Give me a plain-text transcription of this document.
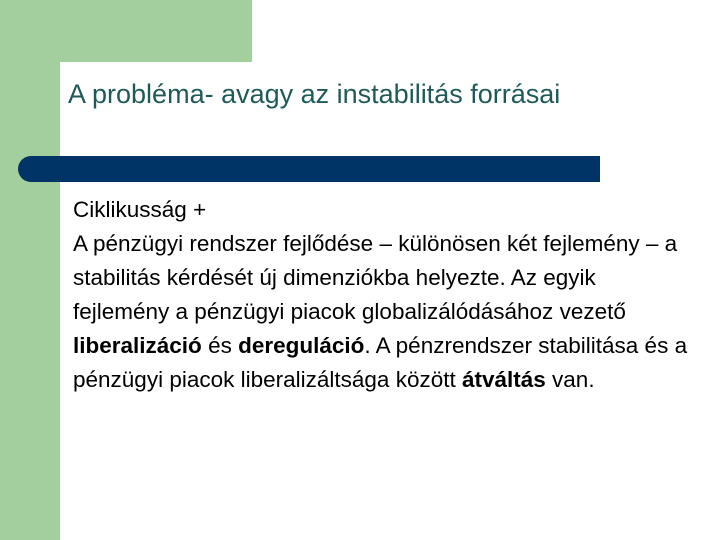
A probléma- avagy az instabilitás forrásai

Ciklikusság +

A pénzügyi rendszer fejlődése – különösen két fejlemény – a stabilitás kérdését új dimenziókba helyezte. Az egyik fejlemény a pénzügyi piacok globalizálódásához vezető liberalizáció és dereguláció. A pénzrendszer stabilitása és a pénzügyi piacok liberalizáltsága között átváltás van.
